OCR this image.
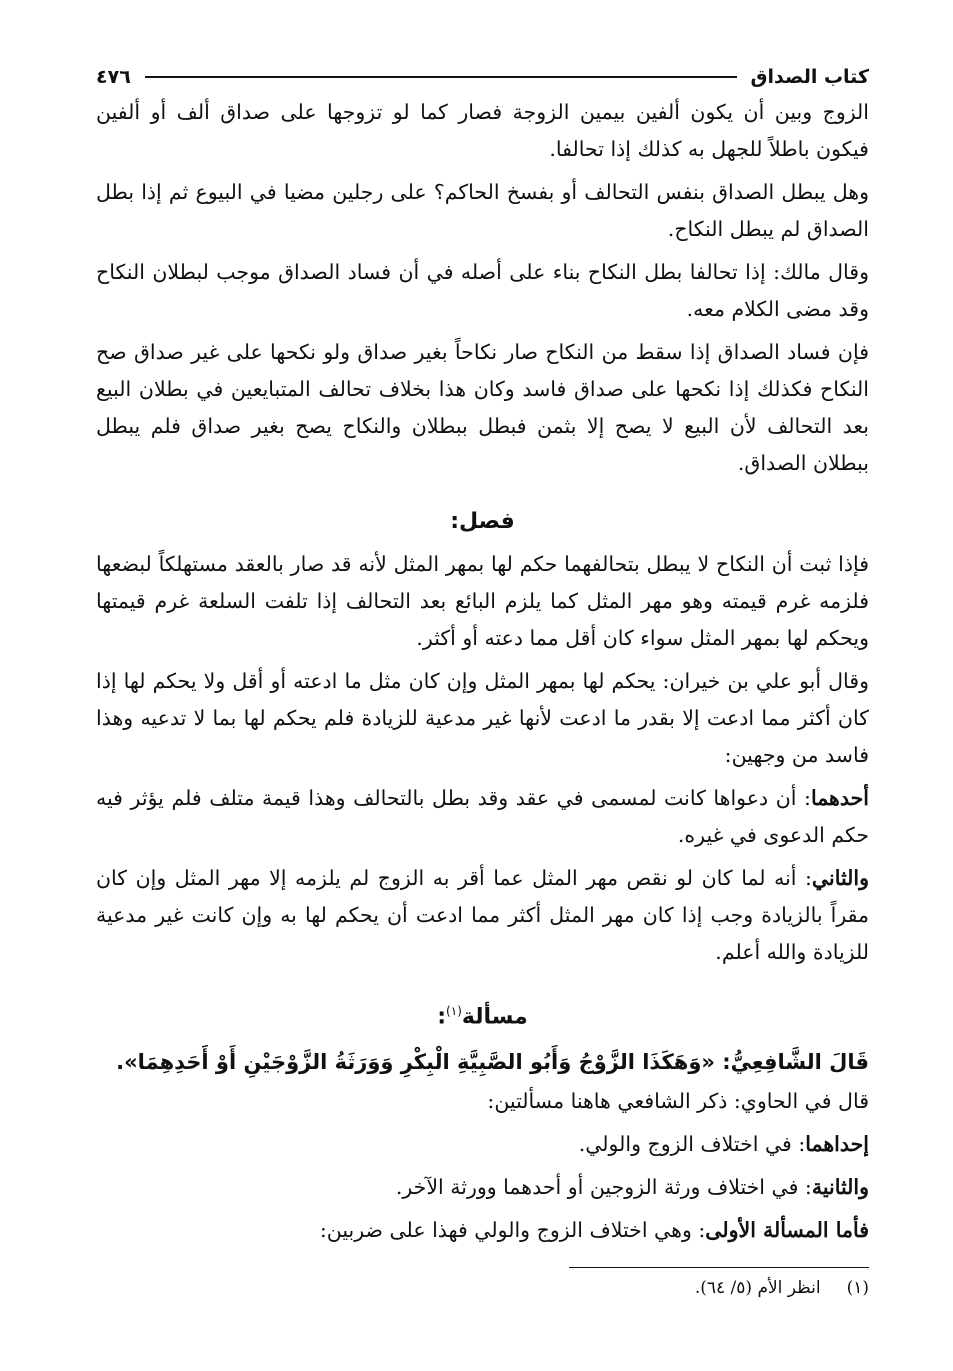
كتاب الصداق
٤٧٦

الزوج وبين أن يكون ألفين بيمين الزوجة فصار كما لو تزوجها على صداق ألف أو ألفين فيكون باطلاً للجهل به كذلك إذا تحالفا.

وهل يبطل الصداق بنفس التحالف أو بفسخ الحاكم؟ على رجلين مضيا في البيوع ثم إذا بطل الصداق لم يبطل النكاح.

وقال مالك: إذا تحالفا بطل النكاح بناء على أصله في أن فساد الصداق موجب لبطلان النكاح وقد مضى الكلام معه.

فإن فساد الصداق إذا سقط من النكاح صار نكاحاً بغير صداق ولو نكحها على غير صداق صح النكاح فكذلك إذا نكحها على صداق فاسد وكان هذا بخلاف تحالف المتبايعين في بطلان البيع بعد التحالف لأن البيع لا يصح إلا بثمن فبطل ببطلان والنكاح يصح بغير صداق فلم يبطل ببطلان الصداق.

فصل:

فإذا ثبت أن النكاح لا يبطل بتحالفهما حكم لها بمهر المثل لأنه قد صار بالعقد مستهلكاً لبضعها فلزمه غرم قيمته وهو مهر المثل كما يلزم البائع بعد التحالف إذا تلفت السلعة غرم قيمتها ويحكم لها بمهر المثل سواء كان أقل مما دعته أو أكثر.

وقال أبو علي بن خيران: يحكم لها بمهر المثل وإن كان مثل ما ادعته أو أقل ولا يحكم لها إذا كان أكثر مما ادعت إلا بقدر ما ادعت لأنها غير مدعية للزيادة فلم يحكم لها بما لا تدعيه وهذا فاسد من وجهين:

أحدهما: أن دعواها كانت لمسمى في عقد وقد بطل بالتحالف وهذا قيمة متلف فلم يؤثر فيه حكم الدعوى في غيره.

والثاني: أنه لما كان لو نقص مهر المثل عما أقر به الزوج لم يلزمه إلا مهر المثل وإن كان مقراً بالزيادة وجب إذا كان مهر المثل أكثر مما ادعت أن يحكم لها به وإن كانت غير مدعية للزيادة والله أعلم.

مسألة$^{(١)}$:

قَالَ الشَّافِعِيُّ: «وَهَكَذَا الزَّوْجُ وَأَبُو الصَّبِيَّةِ الْبِكْرِ وَوَرَثَةُ الزَّوْجَيْنِ أَوْ أَحَدِهِمَا».

قال في الحاوي: ذكر الشافعي هاهنا مسألتين:

إحداهما: في اختلاف الزوج والولي.

والثانية: في اختلاف ورثة الزوجين أو أحدهما وورثة الآخر.

فأما المسألة الأولى: وهي اختلاف الزوج والولي فهذا على ضربين:

(١)
انظر الأم (٥/ ٦٤).
